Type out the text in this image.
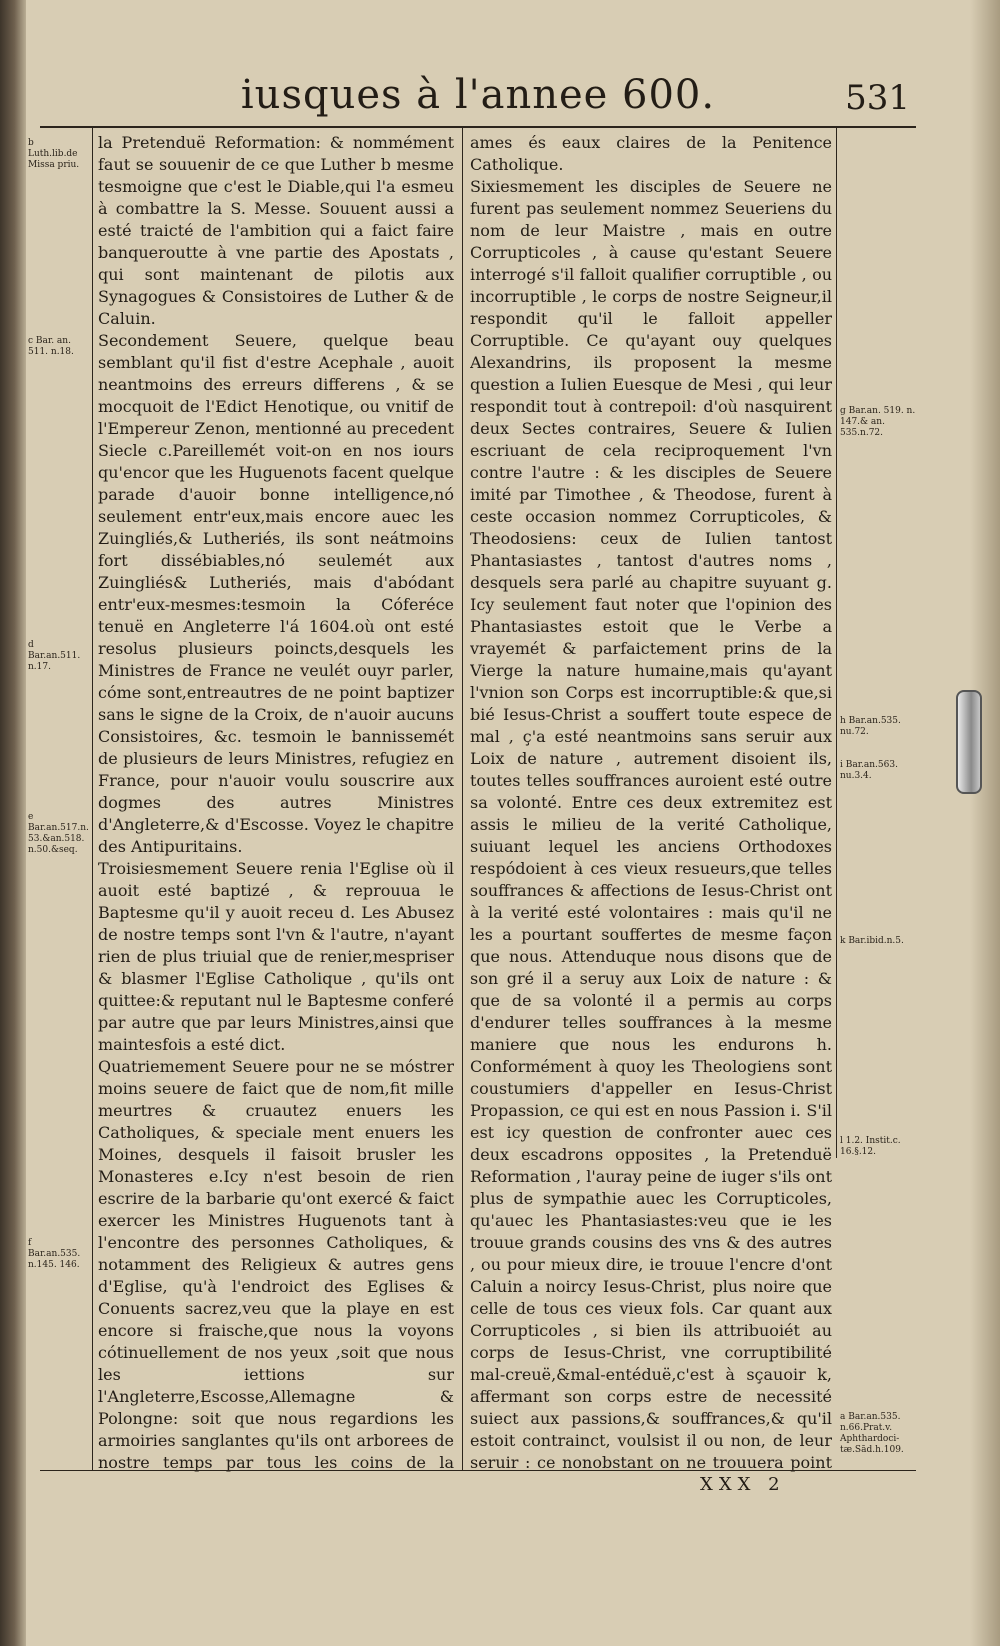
iusques à l'annee 600.	531
b Luth.lib.de Missa priu.
c Bar. an. 511. n.18.
d Bar.an.511. n.17.
e Bar.an.517.n. 53.&an.518. n.50.&seq.
f Bar.an.535. n.145. 146.
g Bar.an. 519. n. 147.& an. 535.n.72.
h Bar.an.535. nu.72.
i Bar.an.563. nu.3.4.
k Bar.ibid.n.5.
l 1.2. Instit.c. 16.§.12.
a Bar.an.535. n.66.Prat.v. Aphthardoci-tæ.Sād.h.109.

la Pretenduë Reformation: & nommément faut se souuenir de ce que Luther b mesme tesmoigne que c'est le Diable,qui l'a esmeu à combattre la S. Messe. Souuent aussi a esté traicté de l'ambition qui a faict faire banqueroutte à vne partie des Apostats , qui sont maintenant de pilotis aux Synagogues & Consistoires de Luther & de Caluin.

Secondement Seuere, quelque beau semblant qu'il fist d'estre Acephale , auoit neantmoins des erreurs differens , & se mocquoit de l'Edict Henotique, ou vnitif de l'Empereur Zenon, mentionné au precedent Siecle c.Pareillemét voit-on en nos iours qu'encor que les Huguenots facent quelque parade d'auoir bonne intelligence,nó seulement entr'eux,mais encore auec les Zuingliés,& Lutheriés, ils sont neátmoins fort dissébiables,nó seulemét aux Zuingliés& Lutheriés, mais d'abódant entr'eux-mesmes:tesmoin la Cóferéce tenuë en Angleterre l'á 1604.où ont esté resolus plusieurs poincts,desquels les Ministres de France ne veulét ouyr parler, cóme sont,entreautres de ne point baptizer sans le signe de la Croix, de n'auoir aucuns Consistoires, &c. tesmoin le bannissemét de plusieurs de leurs Ministres, refugiez en France, pour n'auoir voulu souscrire aux dogmes des autres Ministres d'Angleterre,& d'Escosse. Voyez le chapitre des Antipuritains.

Troisiesmement Seuere renia l'Eglise où il auoit esté baptizé , & reprouua le Baptesme qu'il y auoit receu d. Les Abusez de nostre temps sont l'vn & l'autre, n'ayant rien de plus triuial que de renier,mespriser & blasmer l'Eglise Catholique , qu'ils ont quittee:& reputant nul le Baptesme conferé par autre que par leurs Ministres,ainsi que maintesfois a esté dict.

Quatriemement Seuere pour ne se móstrer moins seuere de faict que de nom,fit mille meurtres & cruautez enuers les Catholiques, & speciale ment enuers les Moines, desquels il faisoit brusler les Monasteres e.Icy n'est besoin de rien escrire de la barbarie qu'ont exercé & faict exercer les Ministres Huguenots tant à l'encontre des personnes Catholiques, & notamment des Religieux & autres gens d'Eglise, qu'à l'endroict des Eglises & Conuents sacrez,veu que la playe en est encore si fraische,que nous la voyons cótinuellement de nos yeux ,soit que nous les iettions sur l'Angleterre,Escosse,Allemagne & Polongne: soit que nous regardions les armoiries sanglantes qu'ils ont arborees de nostre temps par tous les coins de la

ames és eaux claires de la Penitence Catholique.

Sixiesmement les disciples de Seuere ne furent pas seulement nommez Seueriens du nom de leur Maistre , mais en outre Corrupticoles , à cause qu'estant Seuere interrogé s'il falloit qualifier corruptible , ou incorruptible , le corps de nostre Seigneur,il respondit qu'il le falloit appeller Corruptible. Ce qu'ayant ouy quelques Alexandrins, ils proposent la mesme question a Iulien Euesque de Mesi , qui leur respondit tout à contrepoil: d'où nasquirent deux Sectes contraires, Seuere & Iulien escriuant de cela reciproquement l'vn contre l'autre : & les disciples de Seuere imité par Timothee , & Theodose, furent à ceste occasion nommez Corrupticoles, & Theodosiens: ceux de Iulien tantost Phantasiastes , tantost d'autres noms , desquels sera parlé au chapitre suyuant g. Icy seulement faut noter que l'opinion des Phantasiastes estoit que le Verbe a vrayemét & parfaictement prins de la Vierge la nature humaine,mais qu'ayant l'vnion son Corps est incorruptible:& que,si bié Iesus-Christ a souffert toute espece de mal , ç'a esté neantmoins sans seruir aux Loix de nature , autrement disoient ils, toutes telles souffrances auroient esté outre sa volonté. Entre ces deux extremitez est assis le milieu de la verité Catholique, suiuant lequel les anciens Orthodoxes respódoient à ces vieux resueurs,que telles souffrances & affections de Iesus-Christ ont à la verité esté volontaires : mais qu'il ne les a pourtant souffertes de mesme façon que nous. Attenduque nous disons que de son gré il a seruy aux Loix de nature : & que de sa volonté il a permis au corps d'endurer telles souffrances à la mesme maniere que nous les endurons h. Conformément à quoy les Theologiens sont coustumiers d'appeller en Iesus-Christ Propassion, ce qui est en nous Passion i. S'il est icy question de confronter auec ces deux escadrons opposites , la Pretenduë Reformation , l'auray peine de iuger s'ils ont plus de sympathie auec les Corrupticoles, qu'auec les Phantasiastes:veu que ie les trouue grands cousins des vns & des autres , ou pour mieux dire, ie trouue l'encre d'ont Caluin a noircy Iesus-Christ, plus noire que celle de tous ces vieux fols. Car quant aux Corrupticoles , si bien ils attribuoiét au corps de Iesus-Christ, vne corruptibilité mal-creuë,&mal-entéduë,c'est à sçauoir k, affermant son corps estre de necessité suiect aux passions,& souffrances,& qu'il estoit contrainct, voulsist il ou non, de leur seruir : ce nonobstant on ne trouuera point

XXX 2
